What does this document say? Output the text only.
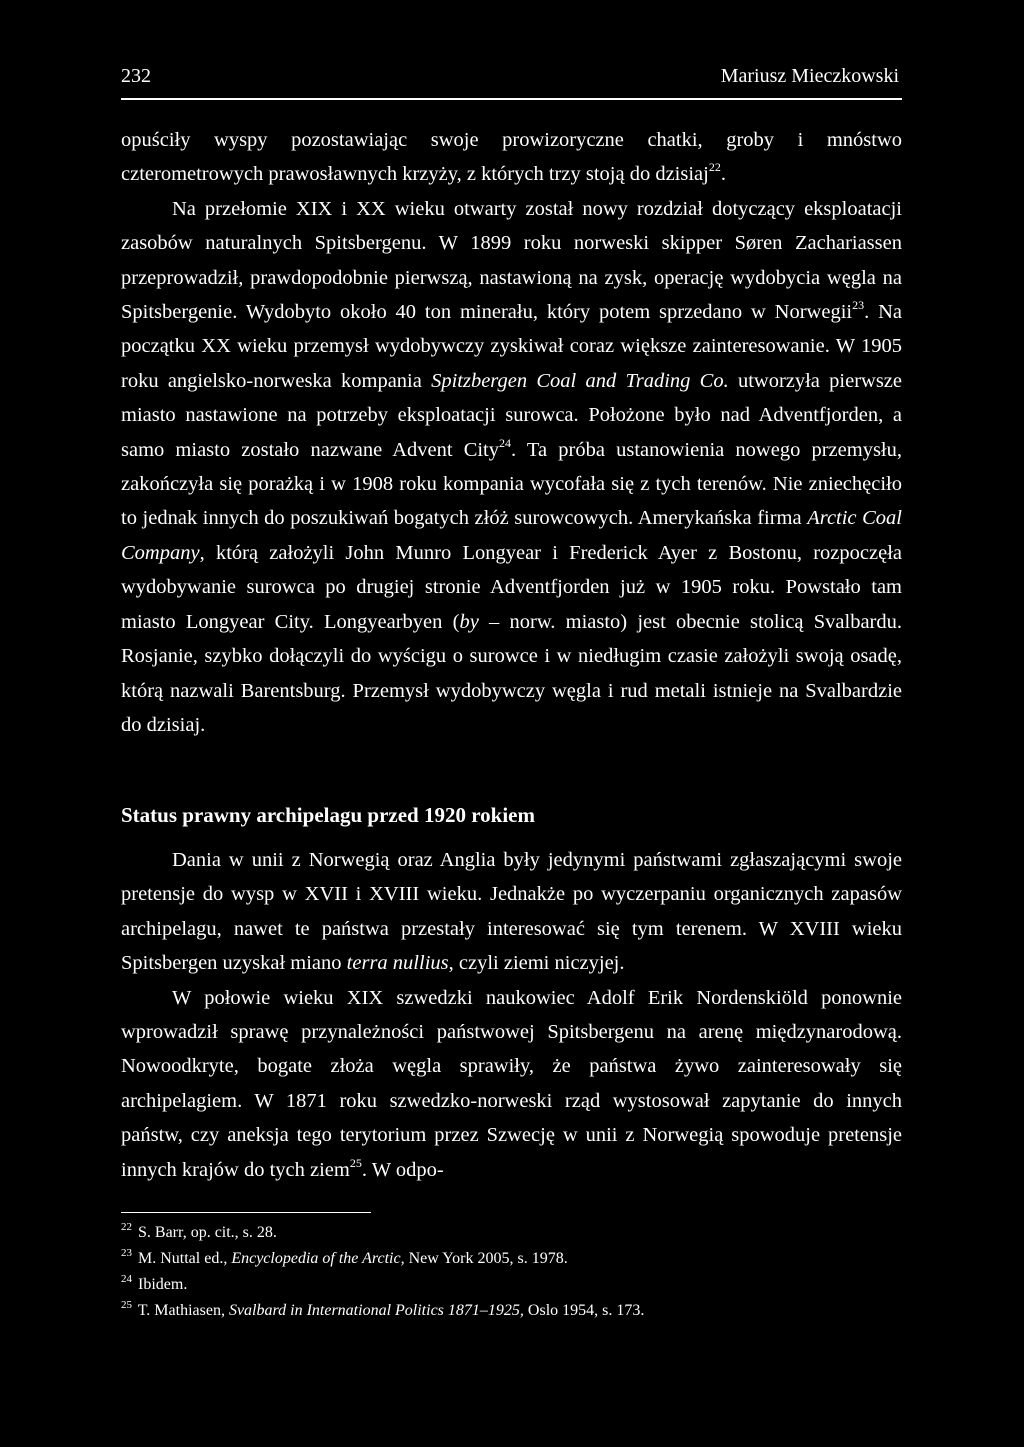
232	Mariusz Mieczkowski

opuściły wyspy pozostawiając swoje prowizoryczne chatki, groby i mnóstwo czterometrowych prawosławnych krzyży, z których trzy stoją do dzisiaj$^{22}$.

Na przełomie XIX i XX wieku otwarty został nowy rozdział dotyczący eksploatacji zasobów naturalnych Spitsbergenu. W 1899 roku norweski skipper Søren Zachariassen przeprowadził, prawdopodobnie pierwszą, nastawioną na zysk, operację wydobycia węgla na Spitsbergenie. Wydobyto około 40 ton minerału, który potem sprzedano w Norwegii$^{23}$. Na początku XX wieku przemysł wydobywczy zyskiwał coraz większe zainteresowanie. W 1905 roku angielsko-norweska kompania Spitzbergen Coal and Trading Co. utworzyła pierwsze miasto nastawione na potrzeby eksploatacji surowca. Położone było nad Adventfjorden, a samo miasto zostało nazwane Advent City$^{24}$. Ta próba ustanowienia nowego przemysłu, zakończyła się porażką i w 1908 roku kompania wycofała się z tych terenów. Nie zniechęciło to jednak innych do poszukiwań bogatych złóż surowcowych. Amerykańska firma Arctic Coal Company, którą założyli John Munro Longyear i Frederick Ayer z Bostonu, rozpoczęła wydobywanie surowca po drugiej stronie Adventfjorden już w 1905 roku. Powstało tam miasto Longyear City. Longyearbyen (by – norw. miasto) jest obecnie stolicą Svalbardu. Rosjanie, szybko dołączyli do wyścigu o surowce i w niedługim czasie założyli swoją osadę, którą nazwali Barentsburg. Przemysł wydobywczy węgla i rud metali istnieje na Svalbardzie do dzisiaj.

Status prawny archipelagu przed 1920 rokiem

Dania w unii z Norwegią oraz Anglia były jedynymi państwami zgłaszającymi swoje pretensje do wysp w XVII i XVIII wieku. Jednakże po wyczerpaniu organicznych zapasów archipelagu, nawet te państwa przestały interesować się tym terenem. W XVIII wieku Spitsbergen uzyskał miano terra nullius, czyli ziemi niczyjej.

W połowie wieku XIX szwedzki naukowiec Adolf Erik Nordenskiöld ponownie wprowadził sprawę przynależności państwowej Spitsbergenu na arenę międzynarodową. Nowoodkryte, bogate złoża węgla sprawiły, że państwa żywo zainteresowały się archipelagiem. W 1871 roku szwedzko-norweski rząd wystosował zapytanie do innych państw, czy aneksja tego terytorium przez Szwecję w unii z Norwegią spowoduje pretensje innych krajów do tych ziem$^{25}$. W odpo-

$^{22}$ S. Barr, op. cit., s. 28.

$^{23}$ M. Nuttal ed., Encyclopedia of the Arctic, New York 2005, s. 1978.

$^{24}$ Ibidem.

$^{25}$ T. Mathiasen, Svalbard in International Politics 1871–1925, Oslo 1954, s. 173.
